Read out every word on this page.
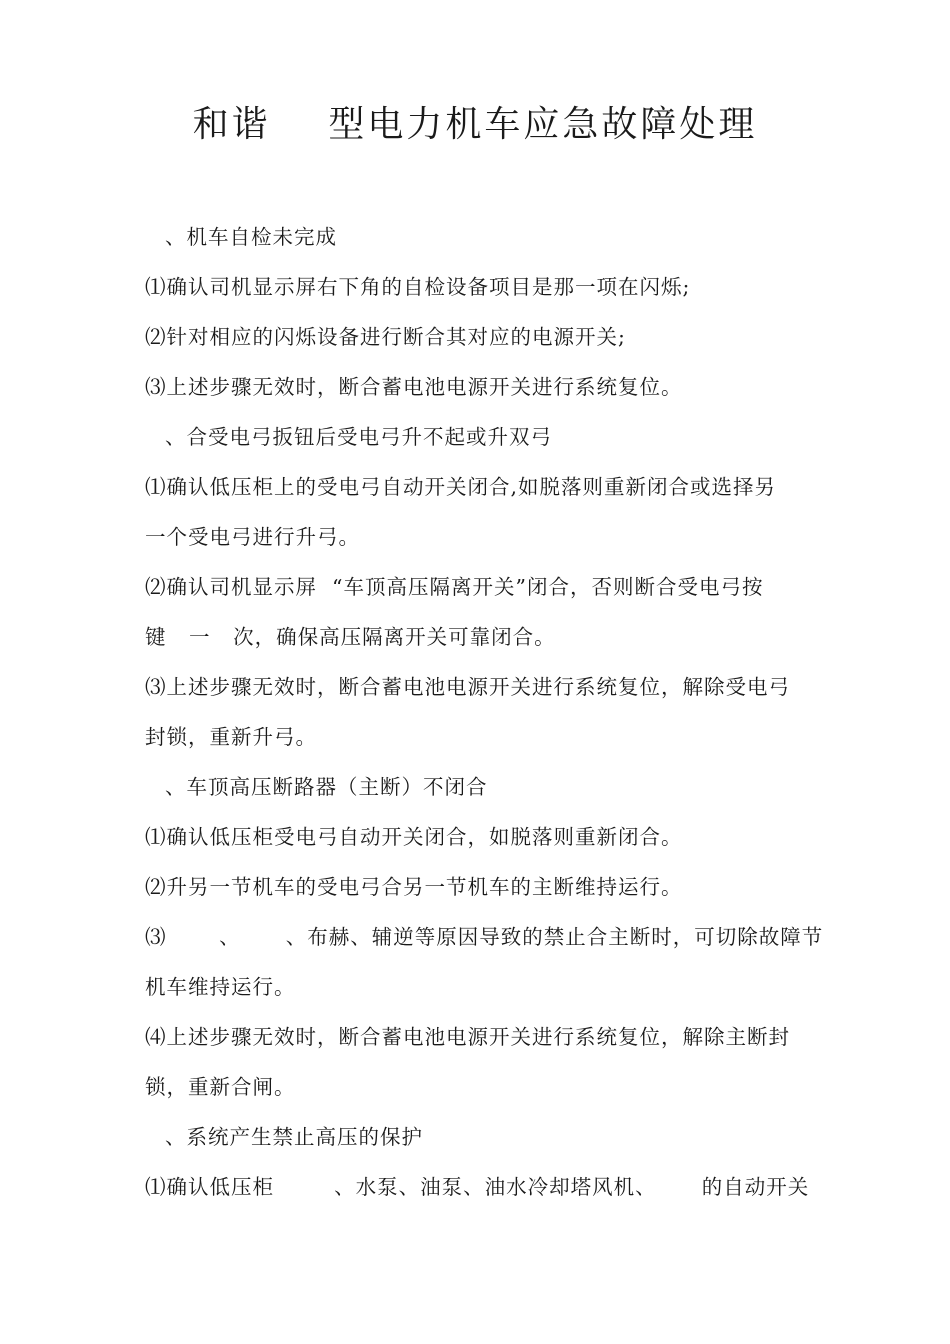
和谐    型电力机车应急故障处理
、机车自检未完成
⑴确认司机显示屏右下角的自检设备项目是那一项在闪烁;
⑵针对相应的闪烁设备进行断合其对应的电源开关;
⑶上述步骤无效时，断合蓄电池电源开关进行系统复位。
、合受电弓扳钮后受电弓升不起或升双弓
⑴确认低压柜上的受电弓自动开关闭合,如脱落则重新闭合或选择另
一个受电弓进行升弓。
⑵确认司机显示屏  “车顶高压隔离开关”闭合，否则断合受电弓按
键   一   次，确保高压隔离开关可靠闭合。
⑶上述步骤无效时，断合蓄电池电源开关进行系统复位，解除受电弓
封锁，重新升弓。
、车顶高压断路器（主断）不闭合
⑴确认低压柜受电弓自动开关闭合，如脱落则重新闭合。
⑵升另一节机车的受电弓合另一节机车的主断维持运行。
⑶       、      、布赫、辅逆等原因导致的禁止合主断时，可切除故障节
机车维持运行。
⑷上述步骤无效时，断合蓄电池电源开关进行系统复位，解除主断封
锁，重新合闸。
、系统产生禁止高压的保护
⑴确认低压柜        、水泵、油泵、油水冷却塔风机、      的自动开关
